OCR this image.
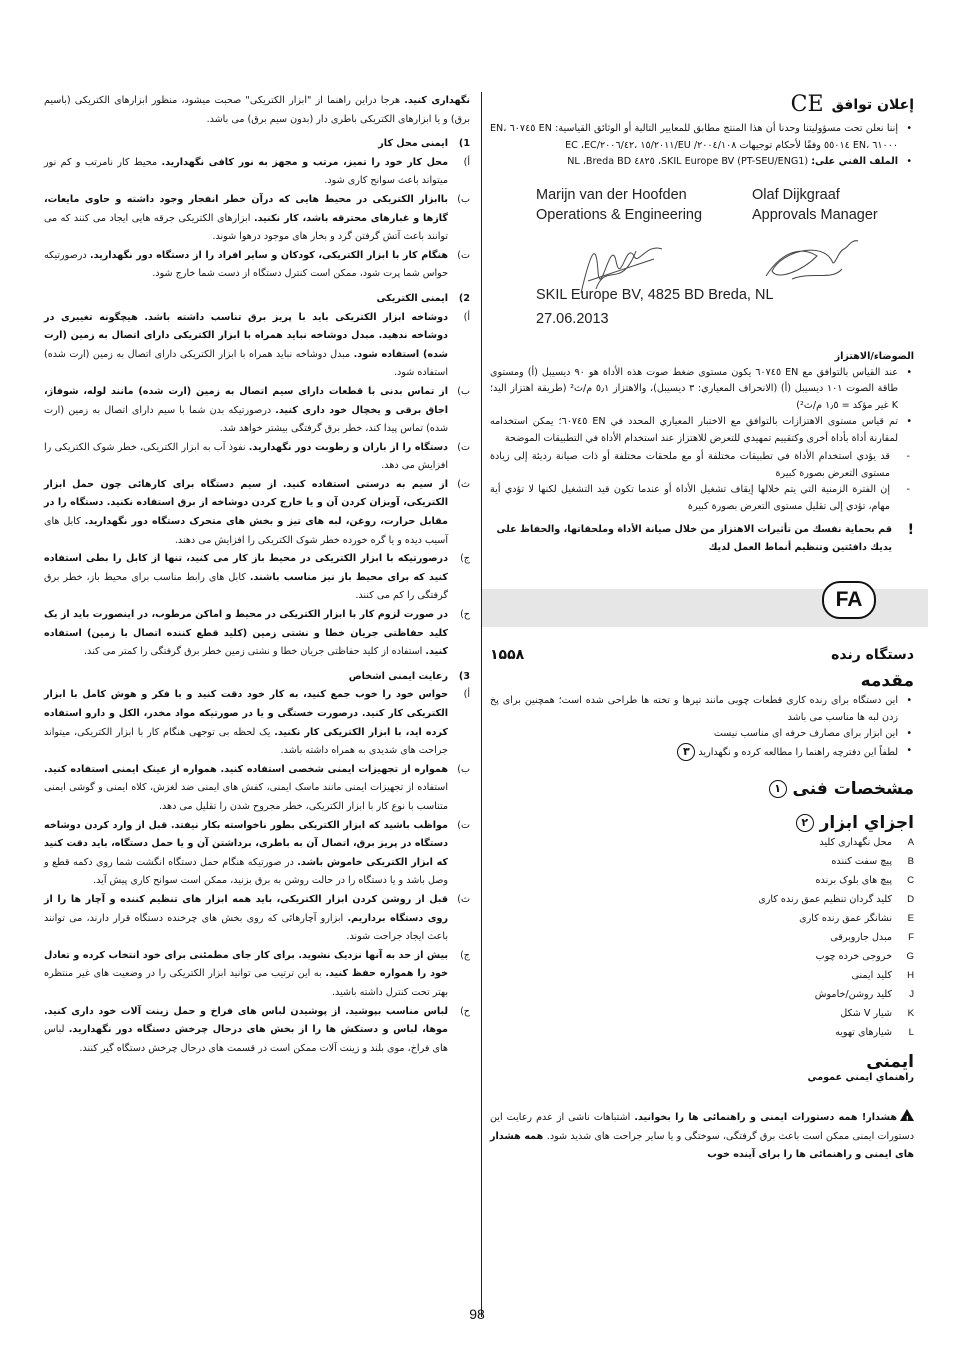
نگهداری کنید. هرجا دراین راهنما از "ابزار الکتریکی" صحبت میشود، منظور ابزارهای الکتریکی (باسیم برق) و یا ابزارهای الکتریکی باطری دار (بدون سیم برق) می باشد.

1)
ایمنی محل کار
أ)
محل کار خود را تمیز، مرتب و مجهز به نور کافی نگهدارید. محیط کار نامرتب و کم نور میتواند باعث سوانح کاری شود.
ب)
باابزار الکتریکی در محیط هایی که درآن خطر انفجار وجود داشته و حاوی مایعات، گازها و غبارهای محترقه باشد، کار نکنید. ابزارهای الکتریکی جرقه هایی ایجاد می کنند که می توانند باعث آتش گرفتن گرد و بخار های موجود درهوا شوند.
ت)
هنگام کار با ابزار الکتریکی، کودکان و سایر افراد را از دستگاه دور نگهدارید. درصورتیکه حواس شما پرت شود، ممکن است کنترل دستگاه از دست شما خارج شود.
2)
ایمنی الکتریکی
أ)
دوشاخه ابزار الکتریکی باید با پریز برق تناسب داشته باشد. هیچگونه تغییری در دوشاخه ندهید. مبدل دوشاخه نباید همراه با ابزار الکتریکی دارای اتصال به زمین (ارت شده) استفاده شود. مبدل دوشاخه نباید همراه با ابزار الکتریکی دارای اتصال به زمین (ارت شده) استفاده شود.
ب)
از تماس بدنی با قطعات دارای سیم اتصال به زمین (ارت شده) مانند لوله، شوفاژ، اجاق برقی و یخچال خود داری کنید. درصورتیکه بدن شما با سیم دارای اتصال به زمین (ارت شده) تماس پیدا کند، خطر برق گرفتگی بیشتر خواهد شد.
ت)
دستگاه را از باران و رطوبت دور نگهدارید. نفوذ آب به ابزار الکتریکی، خطر شوک الکتریکی را افزایش می دهد.
ث)
از سیم به درستی استفاده کنید. از سیم دستگاه برای کارهائی چون حمل ابزار الکتریکی، آویزان کردن آن و یا خارج کردن دوشاخه از برق استفاده نکنید. دستگاه را در مقابل حرارت، روغن، لبه های تیز و بخش های متحرک دستگاه دور نگهدارید. کابل های آسیب دیده و یا گره خورده خطر شوک الکتریکی را افزایش می دهند.
ج)
درصورتیکه با ابزار الکتریکی در محیط باز کار می کنید، تنها از کابل را بطی استفاده کنید که برای محیط باز نیز مناسب باشند. کابل های رابط مناسب برای محیط باز، خطر برق گرفتگی را کم می کنند.
ح)
در صورت لزوم کار با ابزار الکتریکی در محیط و اماکن مرطوب، در اینصورت باید از یک کلید حفاظتی جریان خطا و نشتی زمین (کلید قطع کننده اتصال با زمین) استفاده کنید. استفاده از کلید حفاظتی جریان خطا و نشتی زمین خطر برق گرفتگی را کمتر می کند.
3)
رعایت ایمنی اشخاص
أ)
حواس خود را خوب جمع کنید، به کار خود دقت کنید و با فکر و هوش کامل با ابزار الکتریکی کار کنید. درصورت خستگی و یا در صورتیکه مواد مخدر، الکل و دارو استفاده کرده اید، با ابزار الکتریکی کار نکنید. یک لحظه بی توجهی هنگام کار با ابزار الکتریکی، میتواند جراحت های شدیدی به همراه داشته باشد.
ب)
همواره از تجهیزات ایمنی شخصی استفاده کنید. همواره از عینک ایمنی استفاده کنید. استفاده از تجهیزات ایمنی مانند ماسک ایمنی، کفش های ایمنی ضد لغزش، کلاه ایمنی و گوشی ایمنی متناسب با نوع کار با ابزار الکتریکی، خطر مجروح شدن را تقلیل می دهد.
ت)
مواظب باشید که ابزار الکتریکی بطور ناخواسته بکار نیفتد. قبل از وارد کردن دوشاخه دستگاه در پریز برق، اتصال آن به باطری، برداشتن آن و یا حمل دستگاه، باید دقت کنید که ابزار الکتریکی خاموش باشد. در صورتیکه هنگام حمل دستگاه انگشت شما روی دکمه قطع و وصل باشد و یا دستگاه را در حالت روشن به برق بزنید، ممکن است سوانح کاری پیش آید.
ث)
قبل از روشن کردن ابزار الکتریکی، باید همه ابزار های تنظیم کننده و آچار ها را از روی دستگاه برداریم. ابزارو آچارهائی که روی بخش های چرخنده دستگاه قرار دارند، می توانند باعث ایجاد جراحت شوند.
ج)
بیش از حد به آنها نزدیک نشوید. برای کار جای مطمئنی برای خود انتخاب کرده و تعادل خود را همواره حفظ کنید. به این ترتیب می توانید ابزار الکتریکی را در وضعیت های غیر منتظره بهتر تحت کنترل داشته باشید.
ح)
لباس مناسب بپوشید. از پوشیدن لباس های فراخ و حمل زینت آلات خود داری کنید. موها، لباس و دستکش ها را از بخش های درحال چرخش دستگاه دور نگهدارید. لباس های فراخ، موی بلند و زینت آلات ممکن است در قسمت های درحال چرخش دستگاه گیر کنند.
إعلان توافق
CE
• إننا نعلن تحت مسؤوليتنا وحدنا أن هذا المنتج مطابق للمعايير التالية أو الوثائق القياسية: EN ٦٠٧٤٥ ،EN ٦١٠٠٠ ،EN ٥٥٠١٤ وفقًا لأحكام توجيهات ٢٠٠٤/١٠٨/ EU/١٥/٢٠١١ ،٢٠٠٦/٤٢/EC ،EC
• الملف الفني على: SKIL Europe BV (PT-SEU/ENG1)، ٤٨٢٥ NL ،Breda BD
Marijn van der Hoofden
Operations & Engineering
Olaf Dijkgraaf
Approvals Manager
SKIL Europe BV, 4825 BD Breda, NL
27.06.2013
الضوضاء/الاهتزاز
• عند القياس بالتوافق مع EN ٦٠٧٤٥ يكون مستوى ضغط صوت هذه الأداة هو ٩٠ ديسيبل (أ) ومستوى طاقة الصوت ١٠١ ديسيبل (أ) (الانحراف المعياري: ٣ ديسيبل)، والاهتزاز ٥٫١ م/ث² (طريقة اهتزاز اليد؛ K غير مؤكد = ١٫٥ م/ث²)
• تم قياس مستوى الاهتزازات بالتوافق مع الاختبار المعياري المحدد في EN ٦٠٧٤٥؛ يمكن استخدامه لمقارنة أداة بأداة أخرى وكتقييم تمهيدي للتعرض للاهتزاز عند استخدام الأداة في التطبيقات الموضحة
- قد يؤدي استخدام الأداة في تطبيقات مختلفة أو مع ملحقات مختلفة أو ذات صيانة رديئة إلى زيادة مستوى التعرض بصورة كبيرة
- إن الفترة الزمنية التي يتم خلالها إيقاف تشغيل الأداة أو عندما تكون قيد التشغيل لكنها لا تؤدي أية مهام، تؤدي إلى تقليل مستوى التعرض بصورة كبيرة
!
قم بحماية نفسك من تأثيرات الاهتزاز من خلال صيانة الأداة وملحقاتها، والحفاظ على يديك دافئتين وتنظيم أنماط العمل لديك
FA
دستگاه رنده
۱۵۵۸
مقدمه
• این دستگاه برای رنده کاری قطعات چوبی مانند تیرها و تخته ها طراحی شده است؛ همچنین برای پخ زدن لبه ها مناسب می باشد
• این ابزار برای مصارف حرفه ای مناسب نیست
• لطفاً این دفترچه راهنما را مطالعه کرده و نگهدارید ۳
مشخصات فنی ۱
اجزاي ابزار ۲
A
محل نگهداری کلید
B
پیچ سفت کننده
C
پیچ های بلوک برنده
D
کلید گردان تنظیم عمق رنده کاری
E
نشانگر عمق رنده کاری
F
مبدل جاروبرقی
G
خروجی خرده چوب
H
کلید ایمنی
J
کلید روشن/خاموش
K
شیار V شکل
L
شیارهای تهویه
ایمنی
راهنماي ايمني عمومي

!
هشدار! همه دستورات ایمنی و راهنمائی ها را بخوانید. اشتباهات ناشی از عدم رعایت این دستورات ایمنی ممکن است باعث برق گرفتگی، سوختگی و یا سایر جراحت های شدید شود. همه هشدار های ایمنی و راهنمائی ها را برای آینده خوب

98
